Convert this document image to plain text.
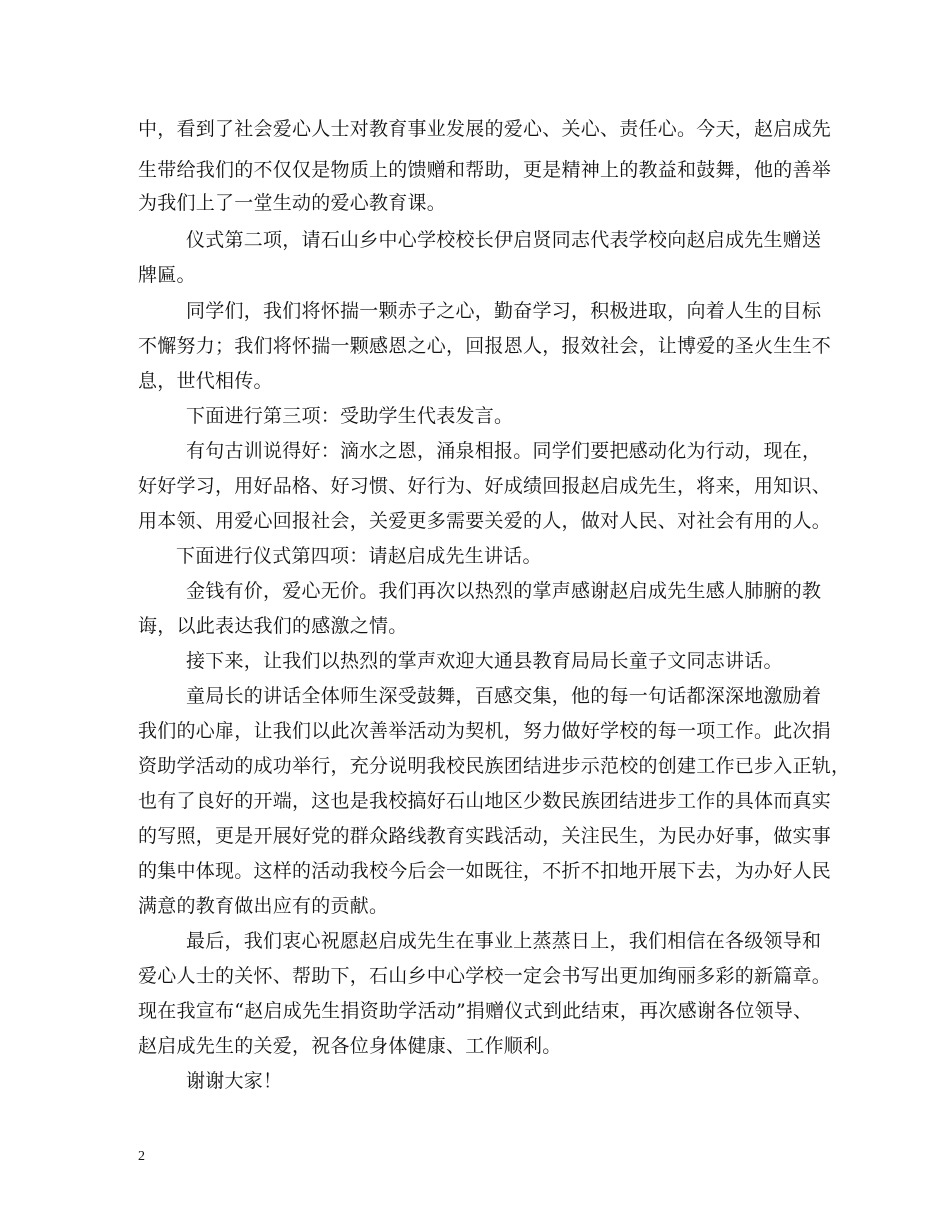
中，看到了社会爱心人士对教育事业发展的爱心、关心、责任心。今天，赵启成先
生带给我们的不仅仅是物质上的馈赠和帮助，更是精神上的教益和鼓舞，他的善举
为我们上了一堂生动的爱心教育课。
仪式第二项，请石山乡中心学校校长伊启贤同志代表学校向赵启成先生赠送
牌匾。
同学们，我们将怀揣一颗赤子之心，勤奋学习，积极进取，向着人生的目标
不懈努力；我们将怀揣一颗感恩之心，回报恩人，报效社会，让博爱的圣火生生不
息，世代相传。
下面进行第三项：受助学生代表发言。
有句古训说得好：滴水之恩，涌泉相报。同学们要把感动化为行动，现在，
好好学习，用好品格、好习惯、好行为、好成绩回报赵启成先生，将来，用知识、
用本领、用爱心回报社会，关爱更多需要关爱的人，做对人民、对社会有用的人。
下面进行仪式第四项：请赵启成先生讲话。
金钱有价，爱心无价。我们再次以热烈的掌声感谢赵启成先生感人肺腑的教
诲，以此表达我们的感激之情。
接下来，让我们以热烈的掌声欢迎大通县教育局局长童子文同志讲话。
童局长的讲话全体师生深受鼓舞，百感交集，他的每一句话都深深地激励着
我们的心扉，让我们以此次善举活动为契机，努力做好学校的每一项工作。此次捐
资助学活动的成功举行，充分说明我校民族团结进步示范校的创建工作已步入正轨，
也有了良好的开端，这也是我校搞好石山地区少数民族团结进步工作的具体而真实
的写照，更是开展好党的群众路线教育实践活动，关注民生，为民办好事，做实事
的集中体现。这样的活动我校今后会一如既往，不折不扣地开展下去，为办好人民
满意的教育做出应有的贡献。
最后，我们衷心祝愿赵启成先生在事业上蒸蒸日上，我们相信在各级领导和
爱心人士的关怀、帮助下，石山乡中心学校一定会书写出更加绚丽多彩的新篇章。
现在我宣布“赵启成先生捐资助学活动”捐赠仪式到此结束，再次感谢各位领导、
赵启成先生的关爱，祝各位身体健康、工作顺利。
谢谢大家！
2
